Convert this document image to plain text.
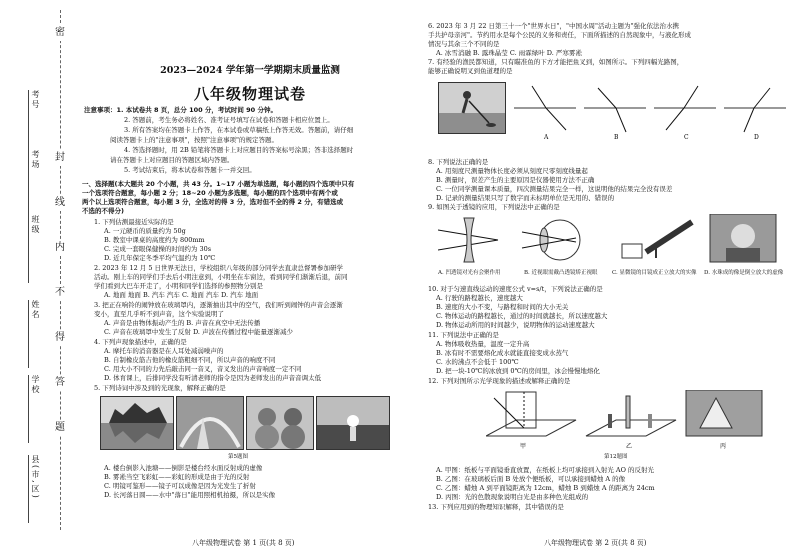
密
封
线
内
不
得
答
题
考号
考场
班级
姓名
学校
县(市,区)
2023—2024 学年第一学期期末质量监测
八年级物理试卷
注意事项：1. 本试卷共 8 页，总分 100 分，考试时间 90 分钟。
2. 答题前，考生务必将姓名、准考证号填写在试卷和答题卡相应位置上。
3. 所有答案均在答题卡上作答，在本试卷或草稿纸上作答无效。答题前，请仔细
阅读答题卡上的"注意事项"，按照"注意事项"的规定答题。
4. 答选择题时，用 2B 铅笔将答题卡上对应题目的答案标号涂黑；答非选择题时
请在答题卡上对应题目的答题区域内答题。
5. 考试结束后，将本试卷和答题卡一并交回。
一、选择题(本大题共 20 个小题，共 43 分。1~17 小题为单选题，每小题的四个选项中只有
一个选项符合题意，每小题 2 分；18~20 小题为多选题，每小题的四个选项中有两个或
两个以上选项符合题意，每小题 3 分，全选对的得 3 分，选对但不全的得 2 分，有错选或
不选的不得分)
1. 下列估测最接近实际的是
A. 一元硬币的质量约为 50g
B. 教室中课桌的高度约为 800mm
C. 完成一套眼保健操的时间约为 30s
D. 近几年保定冬季平均气温约为 10℃
2. 2023 年 12 月 5 日世界无法日，学校组织八年级的部分同学去直隶总督署参加研学
活动。刚上车的同学们手去后小明注意到，小明坐在车窗边，看到同学们渐渐后退，前同
学们看到大巴车开走了，小明和同学们选择的参照物分别是
A. 地面 地面 B. 汽车 汽车 C. 地面 汽车 D. 汽车 地面
3. 把正在响铃的闹钟放在玻璃罩内，逐渐抽出其中的空气，我们听到闹钟的声音会逐渐
变小，直至几乎听不到声音，这个实验说明了
A. 声音是由物体振动产生的 B. 声音在真空中无法传播
C. 声音在玻璃罩中发生了反射 D. 声波在传播过程中能量逐渐减少
4. 下列声现象描述中，正确的是
A. 摩托车的消音器是在人耳处减弱噪声的
B. 自制橡皮筋吉他的橡皮筋粗细不同，所以声音的响度不同
C. 用大小不同的力先后敲击同一音叉，音叉发出的声音响度一定不同
D. 体育课上，后排同学没有听清老师的指令是因为老师发出的声音音调太低
5. 下列诗词中涉及到的光现象，解释正确的是
第5题图
A. 楼台倒影入池塘——倒影是楼台经水面反射成的虚像
B. 雾凇当空飞彩虹——彩虹的形成是由于光的反射
C. 明镜可鉴形——镜子可以成像是因为光发生了折射
D. 长河落日圆——水中"落日"能用照相机拍摄，所以是实像
八年级物理试卷 第 1 页(共 8 页)
6. 2023 年 3 月 22 日第三十一个"世界水日"，"中国水周"活动主题为"强化依法治水携
手共护母亲河"。节约用水是每个公民的义务和责任，下面所描述的自然现象中，与液化形成
情况与其余三个不同的是
A. 冰雪消融 B. 露珠晶莹 C. 雨霖绿叶 D. 严寒雾凇
7. 有经验的渔民都知道，只有瞄准鱼的下方才能把鱼叉到，如图所示。下列四幅光路图，
能够正确说明叉到鱼道理的是
A	B	C	D
8. 下列说法正确的是
A. 用刻度尺测量物体长度必须从刻度尺零刻度线量起
B. 测量时，误差产生的主要原因是仪器使用方法不正确
C. 一位同学测量课本质量，四次测量结果完全一样，这说明他的结果完全没有误差
D. 记录的测量结果只写了数字而未标明单位是无用的、错误的
9. 如图关于透镜的应用，下列说法中正确的是
A. 凹透镜对光有会聚作用	B. 近视眼需戴凸透镜矫正视眼	C. 显微镜的目镜成正立放大的实像 D. 水珠成的像是倒立放大的虚像
10. 对于匀速直线运动的速度公式 v=s/t，下列说法正确的是
A. 行驶的路程越长，速度越大
B. 速度的大小不变，与路程和时间的大小无关
C. 物体运动的路程越长，通过的时间就越长，所以速度越大
D. 物体运动所用的时间越少，说明物体的运动速度越大
11. 下列说法中正确的是
A. 物体吸收热量，温度一定升高
B. 冰有时不需要熔化成水就能直接变成水蒸气
C. 水的沸点不会低于 100℃
D. 把一块-10℃的冰放到 0℃的房间里，冰会慢慢地熔化
12. 下列对图所示光学现象的描述或解释正确的是
甲	乙	丙
第12题图
A. 甲图：纸板与平面镜垂直放置，在纸板上均可承接到入射光 AO 的反射光
B. 乙图：在玻璃板后面 B 处放个便纸板，可以承接到蜡烛 A 的像
C. 乙图：蜡烛 A 到平面镜距离为 12cm，蜡烛 B 到蜡烛 A 的距离为 24cm
D. 丙图：光的色散现象说明白光是由多种色光组成的
13. 下列应用到的物理知识解释，其中错误的是
八年级物理试卷 第 2 页(共 8 页)
